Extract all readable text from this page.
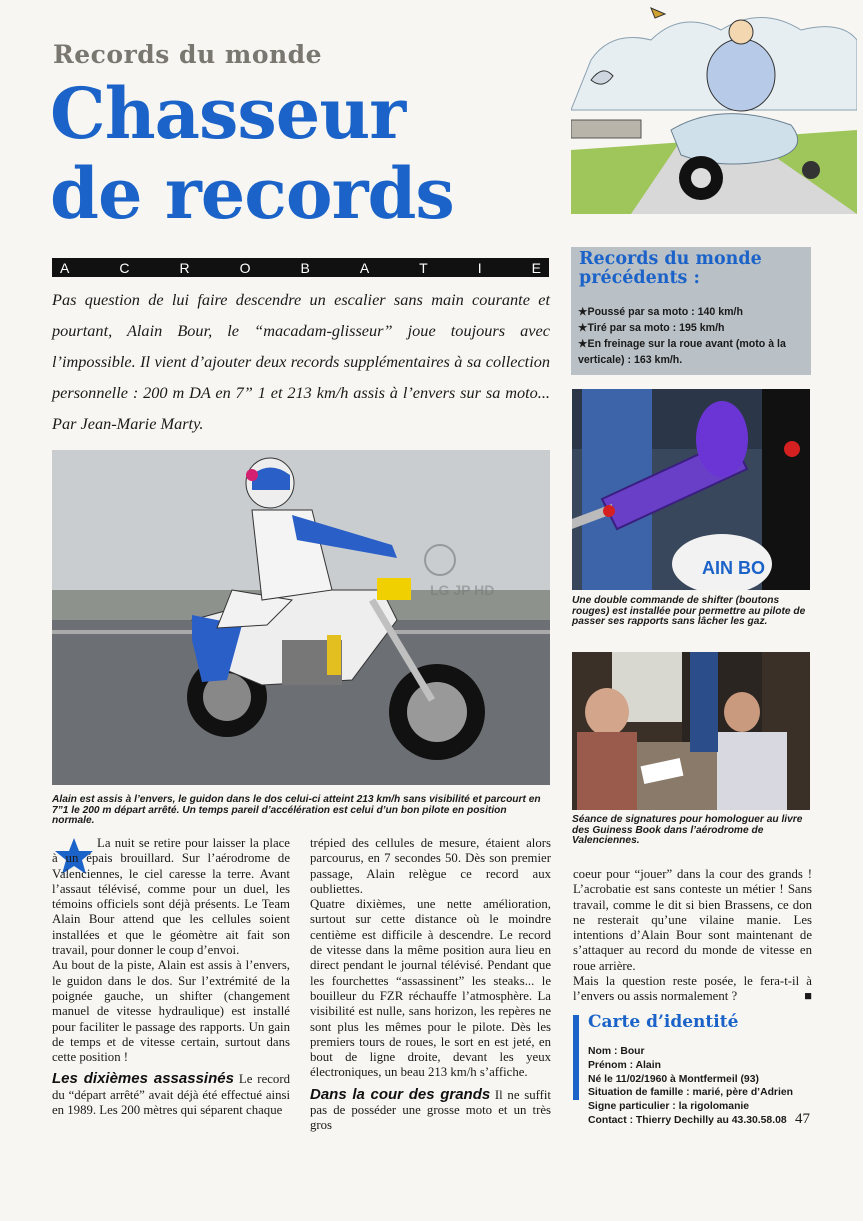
Records du monde
Chasseur
de records
A	C	R	O	B	A	T	I	E
Pas question de lui faire descendre un escalier sans main courante et pourtant, Alain Bour, le “macadam-glisseur” joue toujours avec l’impossible. Il vient d’ajouter deux records supplémentaires à sa collection personnelle : 200 m DA en 7” 1 et 213 km/h assis à l’envers sur sa moto... Par Jean-Marie Marty.
Records du monde précédents :
★Poussé par sa moto : 140 km/h
★Tiré par sa moto : 195 km/h
★En freinage sur la roue avant (moto à la verticale) : 163 km/h.
AIN BO
Une double commande de shifter (boutons rouges) est installée pour permettre au pilote de passer ses rapports sans lâcher les gaz.
LG JP HD
Alain est assis à l’envers, le guidon dans le dos celui-ci atteint 213 km/h sans visibilité et parcourt en 7”1 le 200 m départ arrêté. Un temps pareil d’accélération est celui d’un bon pilote en position normale.	Séance de signatures pour homologuer au livre des Guiness Book dans l’aérodrome de Valenciennes.

La nuit se retire pour laisser la place à un épais brouillard. Sur l’aérodrome de Valenciennes, le ciel caresse la terre. Avant l’assaut télévisé, comme pour un duel, les témoins officiels sont déjà présents. Le Team Alain Bour attend que les cellules soient installées et que le géomètre ait fait son travail, pour donner le coup d’envoi.

Au bout de la piste, Alain est assis à l’envers, le guidon dans le dos. Sur l’extrémité de la poignée gauche, un shifter (changement manuel de vitesse hydraulique) est installé pour faciliter le passage des rapports. Un gain de temps et de vitesse certain, surtout dans cette position !

Les dixièmes assassinés Le record du “départ arrêté” avait déjà été effectué ainsi en 1989. Les 200 mètres qui séparent chaque

trépied des cellules de mesure, étaient alors parcourus, en 7 secondes 50. Dès son premier passage, Alain relègue ce record aux oubliettes.

Quatre dixièmes, une nette amélioration, surtout sur cette distance où le moindre centième est difficile à descendre. Le record de vitesse dans la même position aura lieu en direct pendant le journal télévisé. Pendant que les fourchettes “assassinent” les steaks... le bouilleur du FZR réchauffe l’atmosphère. La visibilité est nulle, sans horizon, les repères ne sont plus les mêmes pour le pilote. Dès les premiers tours de roues, le sort en est jeté, en bout de ligne droite, devant les yeux électroniques, un beau 213 km/h s’affiche.

Dans la cour des grands Il ne suffit pas de posséder une grosse moto et un très gros

coeur pour “jouer” dans la cour des grands ! L’acrobatie est sans conteste un métier ! Sans travail, comme le dit si bien Brassens, ce don ne resterait qu’une vilaine manie. Les intentions d’Alain Bour sont maintenant de s’attaquer au record du monde de vitesse en roue arrière.

Mais la question reste posée, le fera-t-il à l’envers ou assis normalement ?	■

Carte d’identité
Nom : Bour
Prénom : Alain
Né le 11/02/1960 à Montfermeil (93)
Situation de famille : marié, père d’Adrien
Signe particulier : la rigolomanie
Contact : Thierry Dechilly au 43.30.58.08 47
